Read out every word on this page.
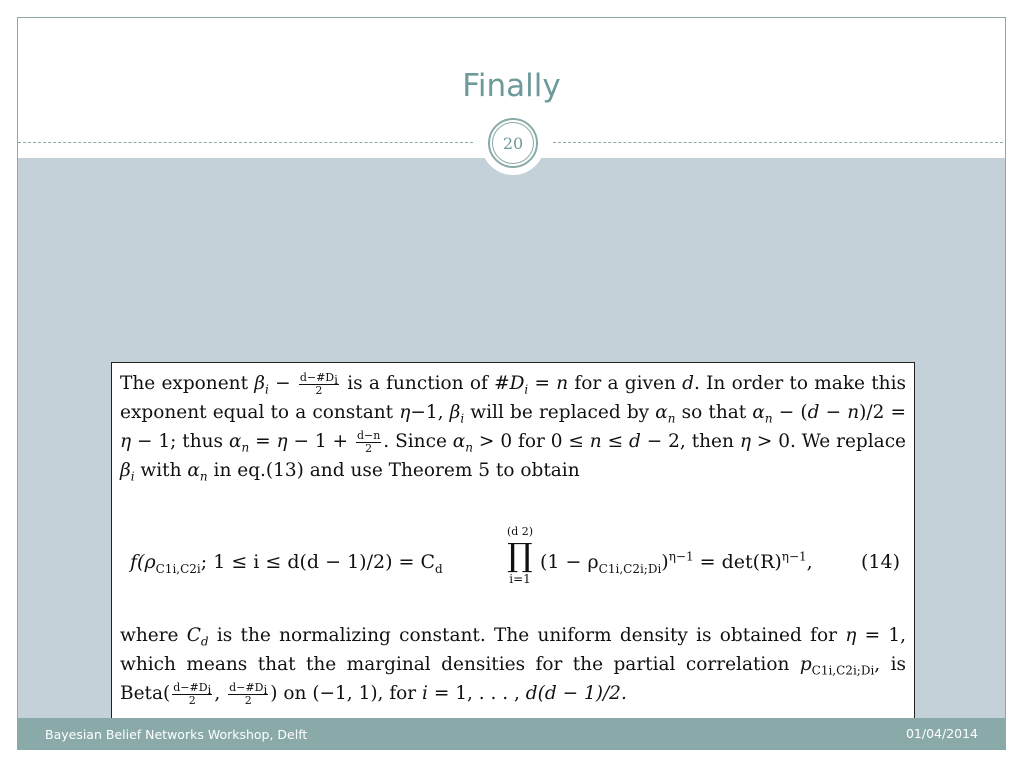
Finally
The exponent $\beta_i - \frac{d-\#D_i}{2}$ is a function of $\#D_i = n$ for a given d. In order to make this exponent equal to a constant η−1, $\beta_i$ will be replaced by $\alpha_n$ so that $\alpha_n - (d - n)/2 = \eta - 1$; thus $\alpha_n = \eta - 1 + \frac{d-n}{2}$ . Since $\alpha_n > 0$ for 0 ≤ n ≤ d − 2, then η > 0. We replace $\beta_i$ with $\alpha_n$ in eq.(13) and use Theorem 5 to obtain
$f(\rho_{C1i,C2i}$; $1 \le i \le d(d - 1)/2) = C_d$
(d 2)
∏
i=1
$(1 - \rho_{C1i,C2i;Di})^{\eta-1} = \det(R)^{\eta-1}$,	(14)
where $C_d$ is the normalizing constant. The uniform density is obtained for η = 1, which means that the marginal densities for the partial correlation $p_{C1i,C2i;Di}$, is Beta( $\frac{d-\#D_i}{2}$ , $\frac{d-\#D_i}{2}$ ) on (−1, 1), for i = 1, . . . , d(d − 1)/2.
20
Bayesian Belief Networks Workshop, Delft	01/04/2014
